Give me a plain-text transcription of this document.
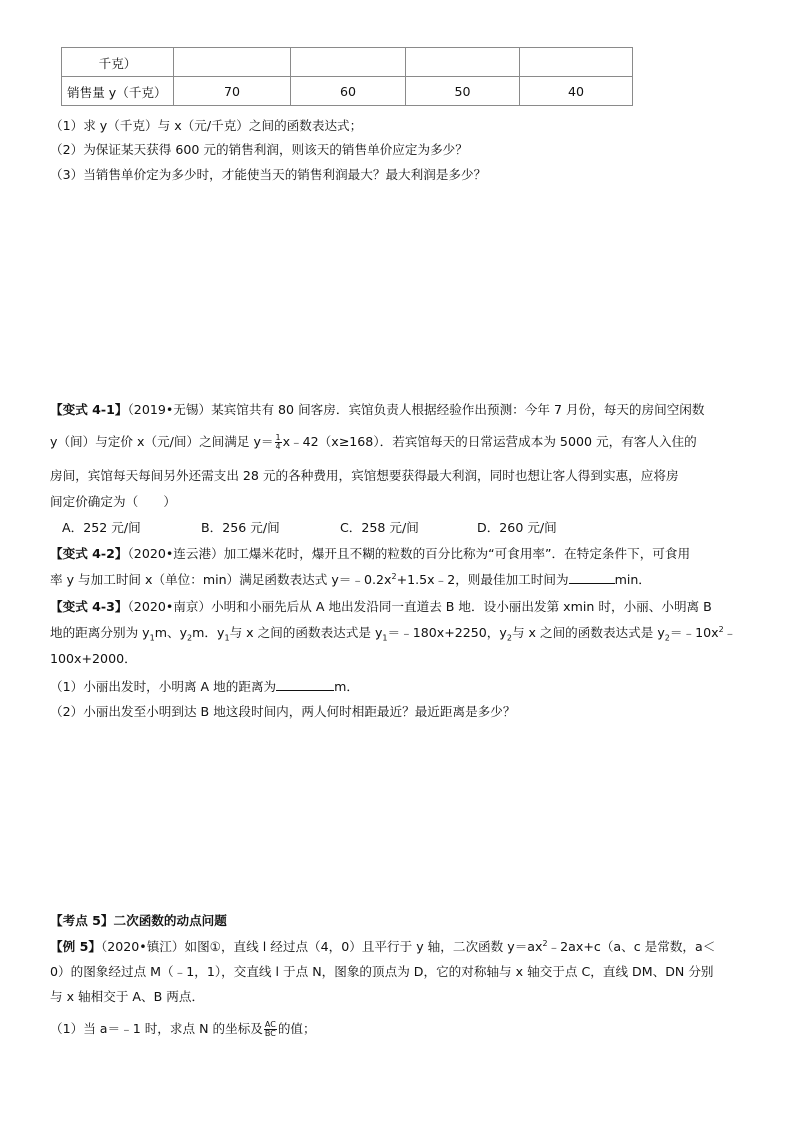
千克）				
销售量 y（千克）	70	60	50	40
（1）求 y（千克）与 x（元/千克）之间的函数表达式；
（2）为保证某天获得 600 元的销售利润，则该天的销售单价应定为多少？
（3）当销售单价定为多少时，才能使当天的销售利润最大？最大利润是多少？
【变式 4-1】（2019•无锡）某宾馆共有 80 间客房．宾馆负责人根据经验作出预测：今年 7 月份，每天的房间空闲数
y（间）与定价 x（元/间）之间满足 $y= \frac{1}{4}$ x﹣42（x≥168）．若宾馆每天的日常运营成本为 5000 元，有客人入住的
房间，宾馆每天每间另外还需支出 28 元的各种费用，宾馆想要获得最大利润，同时也想让客人得到实惠，应将房
间定价确定为（　　）
A．252 元/间	B．256 元/间	C．258 元/间	D．260 元/间
【变式 4-2】（2020•连云港）加工爆米花时，爆开且不糊的粒数的百分比称为“可食用率”．在特定条件下，可食用
率 y 与加工时间 x（单位：min）满足函数表达式 $y=﹣0.2x^2+1.5x﹣2$，则最佳加工时间为	min．
【变式 4-3】（2020•南京）小明和小丽先后从 A 地出发沿同一直道去 B 地．设小丽出发第 xmin 时，小丽、小明离 B
地的距离分别为 $y_1m$、$y_2m$．$y_1$与 x 之间的函数表达式是 $y_1=﹣180x+2250$，$y_2$与 x 之间的函数表达式是 $y_2=﹣10x^2﹣$
100x+2000．
（1）小丽出发时，小明离 A 地的距离为	m．
（2）小丽出发至小明到达 B 地这段时间内，两人何时相距最近？最近距离是多少？
【考点 5】二次函数的动点问题
【例 5】（2020•镇江）如图①，直线 l 经过点（4，0）且平行于 y 轴，二次函数 $y=ax^2﹣2ax+c(a$、c 是常数，a＜
0）的图象经过点 M（﹣1，1），交直线 l 于点 N，图象的顶点为 D，它的对称轴与 x 轴交于点 C，直线 DM、DN 分别
与 x 轴相交于 A、B 两点．
（1）当 a＝﹣1 时，求点 N 的坐标及 $\frac{AC}{BC}$ 的值；
